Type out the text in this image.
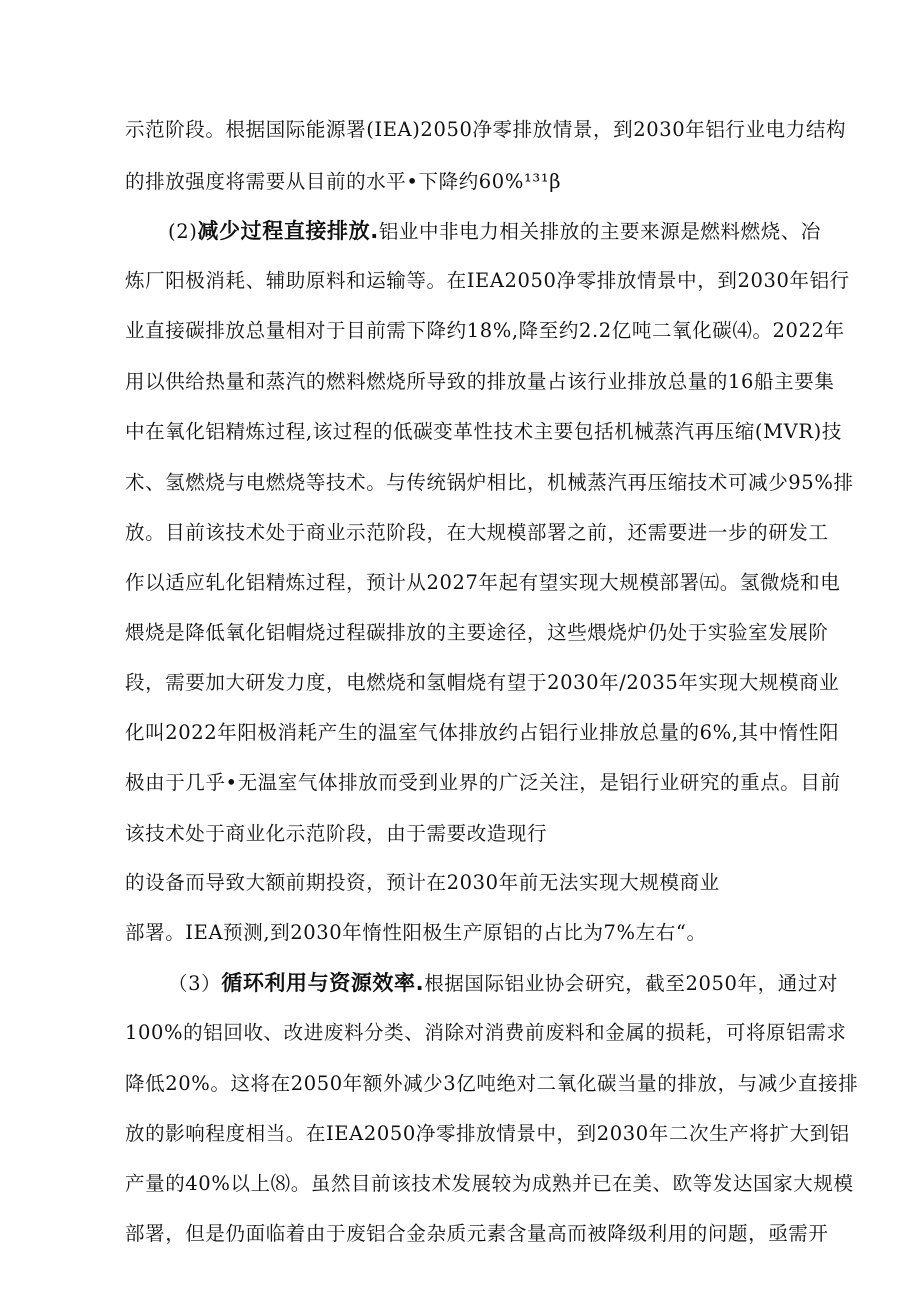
示范阶段。根据国际能源署(IEA)2050净零排放情景，到2030年铝行业电力结构
的排放强度将需要从目前的水平•下降约60%¹³¹β
(2)减少过程直接排放.铝业中非电力相关排放的主要来源是燃料燃烧、冶
炼厂阳极消耗、辅助原料和运输等。在IEA2050净零排放情景中，到2030年铝行
业直接碳排放总量相对于目前需下降约18%,降至约2.2亿吨二氧化碳⑷。2022年
用以供给热量和蒸汽的燃料燃烧所导致的排放量占该行业排放总量的16船主要集
中在氧化铝精炼过程,该过程的低碳变革性技术主要包括机械蒸汽再压缩(MVR)技
术、氢燃烧与电燃烧等技术。与传统锅炉相比，机械蒸汽再压缩技术可减少95%排
放。目前该技术处于商业示范阶段，在大规模部署之前，还需要进一步的研发工
作以适应轧化铝精炼过程，预计从2027年起有望实现大规模部署㈤。氢微烧和电
煨烧是降低氧化铝帽烧过程碳排放的主要途径，这些煨烧炉仍处于实验室发展阶
段，需要加大研发力度，电燃烧和氢帽烧有望于2030年/2035年实现大规模商业
化叫2022年阳极消耗产生的温室气体排放约占铝行业排放总量的6%,其中惰性阳
极由于几乎•无温室气体排放而受到业界的广泛关注，是铝行业研究的重点。目前
该技术处于商业化示范阶段，由于需要改造现行
的设备而导致大额前期投资，预计在2030年前无法实现大规模商业
部署。IEA预测,到2030年惰性阳极生产原铝的占比为7%左右“。
（3）循环利用与资源效率.根据国际铝业协会研究，截至2050年，通过对
100%的铝回收、改进废料分类、消除对消费前废料和金属的损耗，可将原铝需求
降低20%。这将在2050年额外减少3亿吨绝对二氧化碳当量的排放，与减少直接排
放的影响程度相当。在IEA2050净零排放情景中，到2030年二次生产将扩大到铝
产量的40%以上⑻。虽然目前该技术发展较为成熟并已在美、欧等发达国家大规模
部署，但是仍面临着由于废铝合金杂质元素含量高而被降级利用的问题，亟需开
